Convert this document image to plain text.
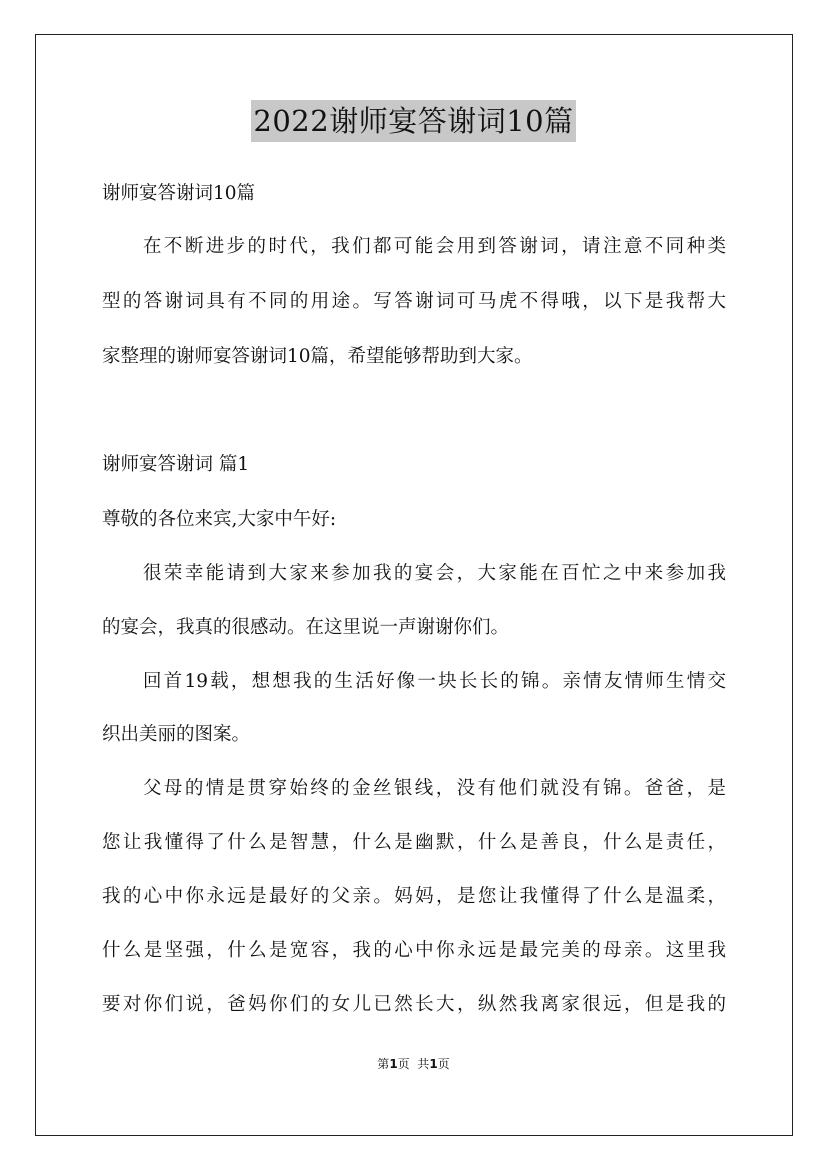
2022谢师宴答谢词10篇
谢师宴答谢词10篇
在不断进步的时代，我们都可能会用到答谢词，请注意不同种类
型的答谢词具有不同的用途。写答谢词可马虎不得哦，以下是我帮大
家整理的谢师宴答谢词10篇，希望能够帮助到大家。
谢师宴答谢词 篇1
尊敬的各位来宾,大家中午好:
很荣幸能请到大家来参加我的宴会，大家能在百忙之中来参加我
的宴会，我真的很感动。在这里说一声谢谢你们。
回首19载，想想我的生活好像一块长长的锦。亲情友情师生情交
织出美丽的图案。
父母的情是贯穿始终的金丝银线，没有他们就没有锦。爸爸，是
您让我懂得了什么是智慧，什么是幽默，什么是善良，什么是责任，
我的心中你永远是最好的父亲。妈妈，是您让我懂得了什么是温柔，
什么是坚强，什么是宽容，我的心中你永远是最完美的母亲。这里我
要对你们说，爸妈你们的女儿已然长大，纵然我离家很远，但是我的
第1页  共1页
